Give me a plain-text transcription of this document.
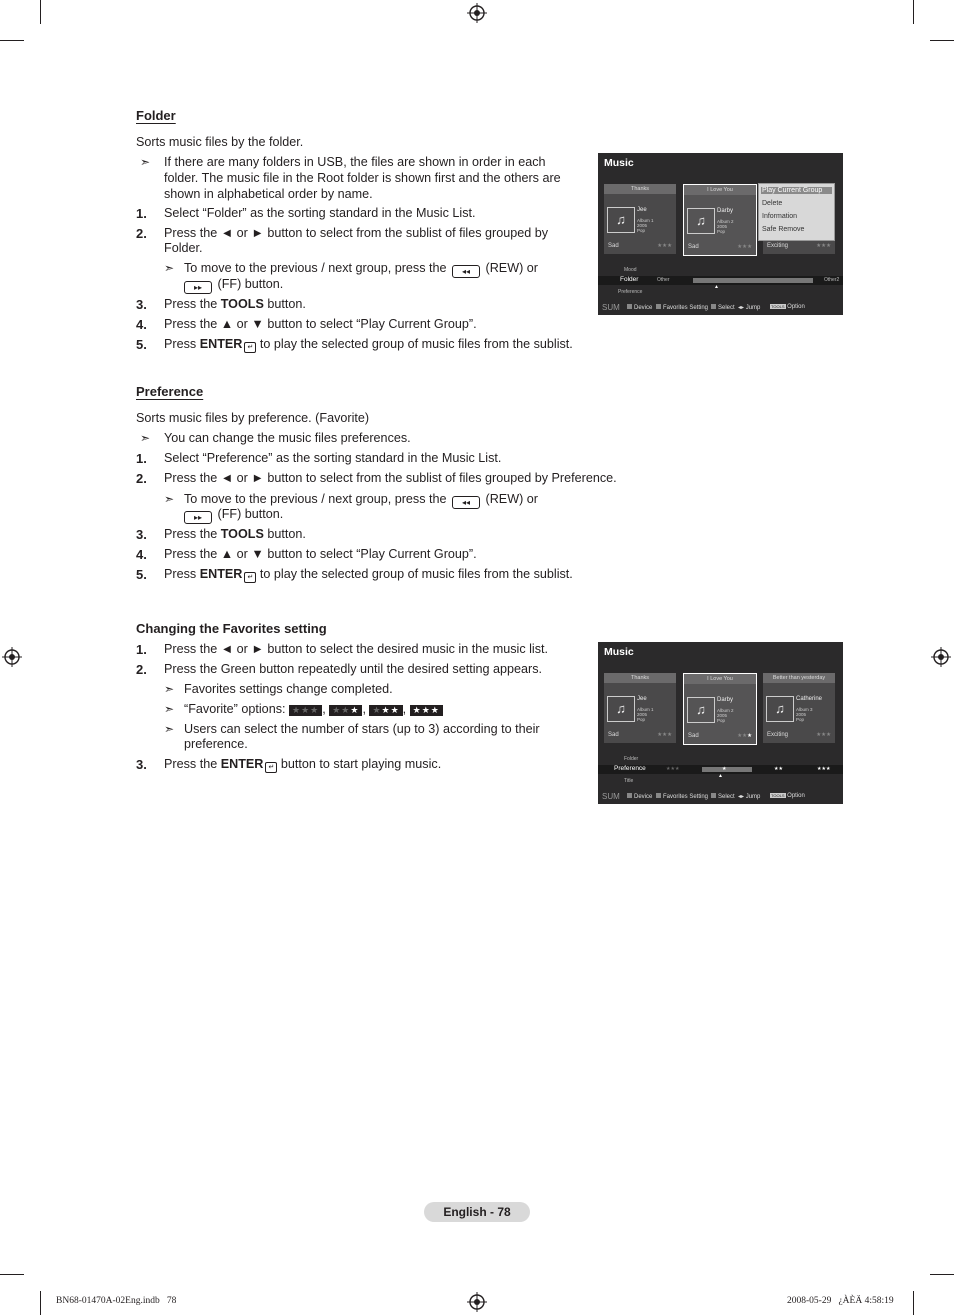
Folder
Sorts music files by the folder.
➣ If there are many folders in USB, the files are shown in order in each
folder. The music file in the Root folder is shown first and the others are
shown in alphabetical order by name.
1. Select “Folder” as the sorting standard in the Music List.
2. Press the ◄ or ► button to select from the sublist of files grouped by
Folder.
➣ To move to the previous / next group, press the ◂◂ (REW) or
▸▸ (FF) button.
3. Press the TOOLS button.
4. Press the ▲ or ▼ button to select “Play Current Group”.
5. Press ENTER ↵ to play the selected group of music files from the sublist.
Music
Thanks
♫
Jee
Album 1
2005
Pop
Sad	★★★
I Love You
♫
Darby
Album 2
2005
Pop
Sad	★★★	Exciting	★★★
Play Current Group
Delete
Information
Safe Remove
Mood
Folder	Other	Other2
Preference
▲
SUM	Device	Favorites Setting	Select ◂▸ Jump	TOOLS Option
Preference
Sorts music files by preference. (Favorite)
➣ You can change the music files preferences.
1. Select “Preference” as the sorting standard in the Music List.
2. Press the ◄ or ► button to select from the sublist of files grouped by Preference.
➣ To move to the previous / next group, press the ◂◂ (REW) or
▸▸ (FF) button.
3. Press the TOOLS button.
4. Press the ▲ or ▼ button to select “Play Current Group”.
5. Press ENTER ↵ to play the selected group of music files from the sublist.
Changing the Favorites setting
1. Press the ◄ or ► button to select the desired music in the music list.
2. Press the Green button repeatedly until the desired setting appears.
➣ Favorites settings change completed.
➣ “Favorite” options: ★★★ , ★★★ , ★★★ , ★★★
➣ Users can select the number of stars (up to 3) according to their
preference.
3. Press the ENTER ↵ button to start playing music.
Music
Thanks
♫
Jee
Album 1
2005
Pop
Sad	★★★
I Love You
♫
Darby
Album 2
2005
Pop
Sad	★★★
Better than yesterday
♫
Catherine
Album 3
2005
Pop
Exciting	★★★
Folder
Preference	★★★	★	★★	★★★
Title
▲
SUM	Device	Favorites Setting	Select ◂▸ Jump	TOOLS Option
English - 78
BN68-01470A-02Eng.indb   78	2008-05-29   ¿ÀÈÄ 4:58:19
